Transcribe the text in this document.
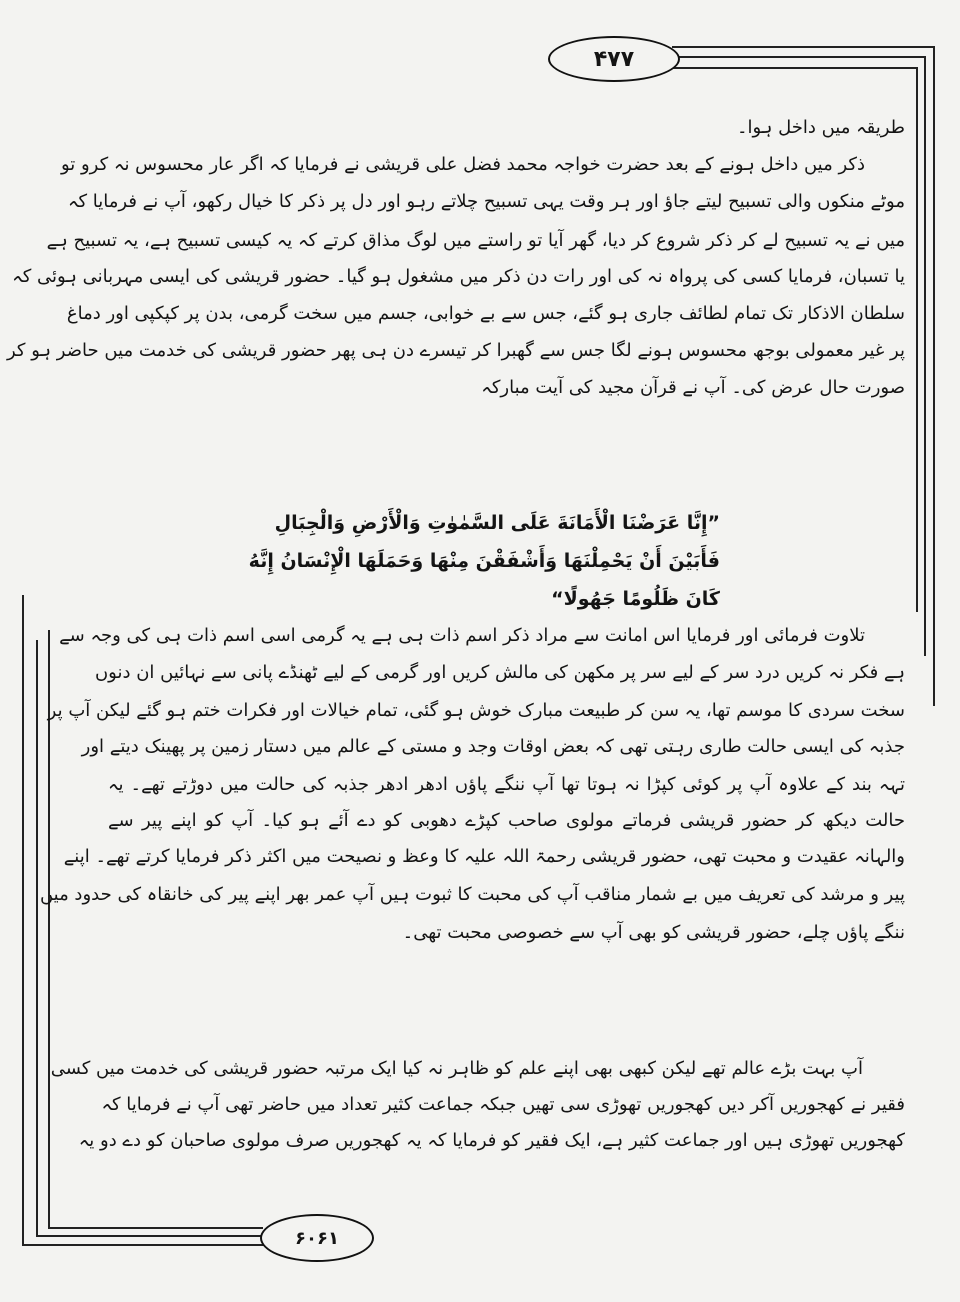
۴۷۷
۶۰۶۱
طریقہ میں داخل ہوا۔
ذکر میں داخل ہونے کے بعد حضرت خواجہ محمد فضل علی قریشی نے فرمایا کہ اگر عار محسوس نہ کرو تو
موٹے منکوں والی تسبیح لیتے جاؤ اور ہر وقت یہی تسبیح چلاتے رہو اور دل پر ذکر کا خیال رکھو، آپ نے فرمایا کہ
میں نے یہ تسبیح لے کر ذکر شروع کر دیا، گھر آیا تو راستے میں لوگ مذاق کرتے کہ یہ کیسی تسبیح ہے، یہ تسبیح ہے
یا تسبان، فرمایا کسی کی پرواہ نہ کی اور رات دن ذکر میں مشغول ہو گیا۔ حضور قریشی کی ایسی مہربانی ہوئی کہ
سلطان الاذکار تک تمام لطائف جاری ہو گئے، جس سے بے خوابی، جسم میں سخت گرمی، بدن پر کپکپی اور دماغ
پر غیر معمولی بوجھ محسوس ہونے لگا جس سے گھبرا کر تیسرے دن ہی پھر حضور قریشی کی خدمت میں حاضر ہو کر
صورت حال عرض کی۔ آپ نے قرآن مجید کی آیت مبارکہ
”إِنَّا عَرَضْنَا الْأَمَانَةَ عَلَى السَّمٰوٰتِ وَالْأَرْضِ وَالْجِبَالِ
فَأَبَيْنَ أَنْ يَحْمِلْنَهَا وَأَشْفَقْنَ مِنْهَا وَحَمَلَهَا الْإِنْسَانُ إِنَّهُ
كَانَ ظَلُومًا جَهُولًا“
تلاوت فرمائی اور فرمایا اس امانت سے مراد ذکر اسم ذات ہی ہے یہ گرمی اسی اسم ذات ہی کی وجہ سے
ہے فکر نہ کریں درد سر کے لیے سر پر مکھن کی مالش کریں اور گرمی کے لیے ٹھنڈے پانی سے نہائیں ان دنوں
سخت سردی کا موسم تھا، یہ سن کر طبیعت مبارک خوش ہو گئی، تمام خیالات اور فکرات ختم ہو گئے لیکن آپ پر
جذبہ کی ایسی حالت طاری رہتی تھی کہ بعض اوقات وجد و مستی کے عالم میں دستار زمین پر پھینک دیتے اور
تہہ بند کے علاوہ آپ پر کوئی کپڑا نہ ہوتا تھا آپ ننگے پاؤں ادھر ادھر جذبہ کی حالت میں دوڑتے تھے۔ یہ
حالت دیکھ کر حضور قریشی فرماتے مولوی صاحب کپڑے دھوبی کو دے آئے ہو کیا۔ آپ کو اپنے پیر سے
والہانہ عقیدت و محبت تھی، حضور قریشی رحمۃ اللہ علیہ کا وعظ و نصیحت میں اکثر ذکر فرمایا کرتے تھے۔ اپنے
پیر و مرشد کی تعریف میں بے شمار مناقب آپ کی محبت کا ثبوت ہیں آپ عمر بھر اپنے پیر کی خانقاہ کی حدود میں
ننگے پاؤں چلے، حضور قریشی کو بھی آپ سے خصوصی محبت تھی۔
آپ بہت بڑے عالم تھے لیکن کبھی بھی اپنے علم کو ظاہر نہ کیا ایک مرتبہ حضور قریشی کی خدمت میں کسی
فقیر نے کھجوریں آکر دیں کھجوریں تھوڑی سی تھیں جبکہ جماعت کثیر تعداد میں حاضر تھی آپ نے فرمایا کہ
کھجوریں تھوڑی ہیں اور جماعت کثیر ہے، ایک فقیر کو فرمایا کہ یہ کھجوریں صرف مولوی صاحبان کو دے دو یہ
